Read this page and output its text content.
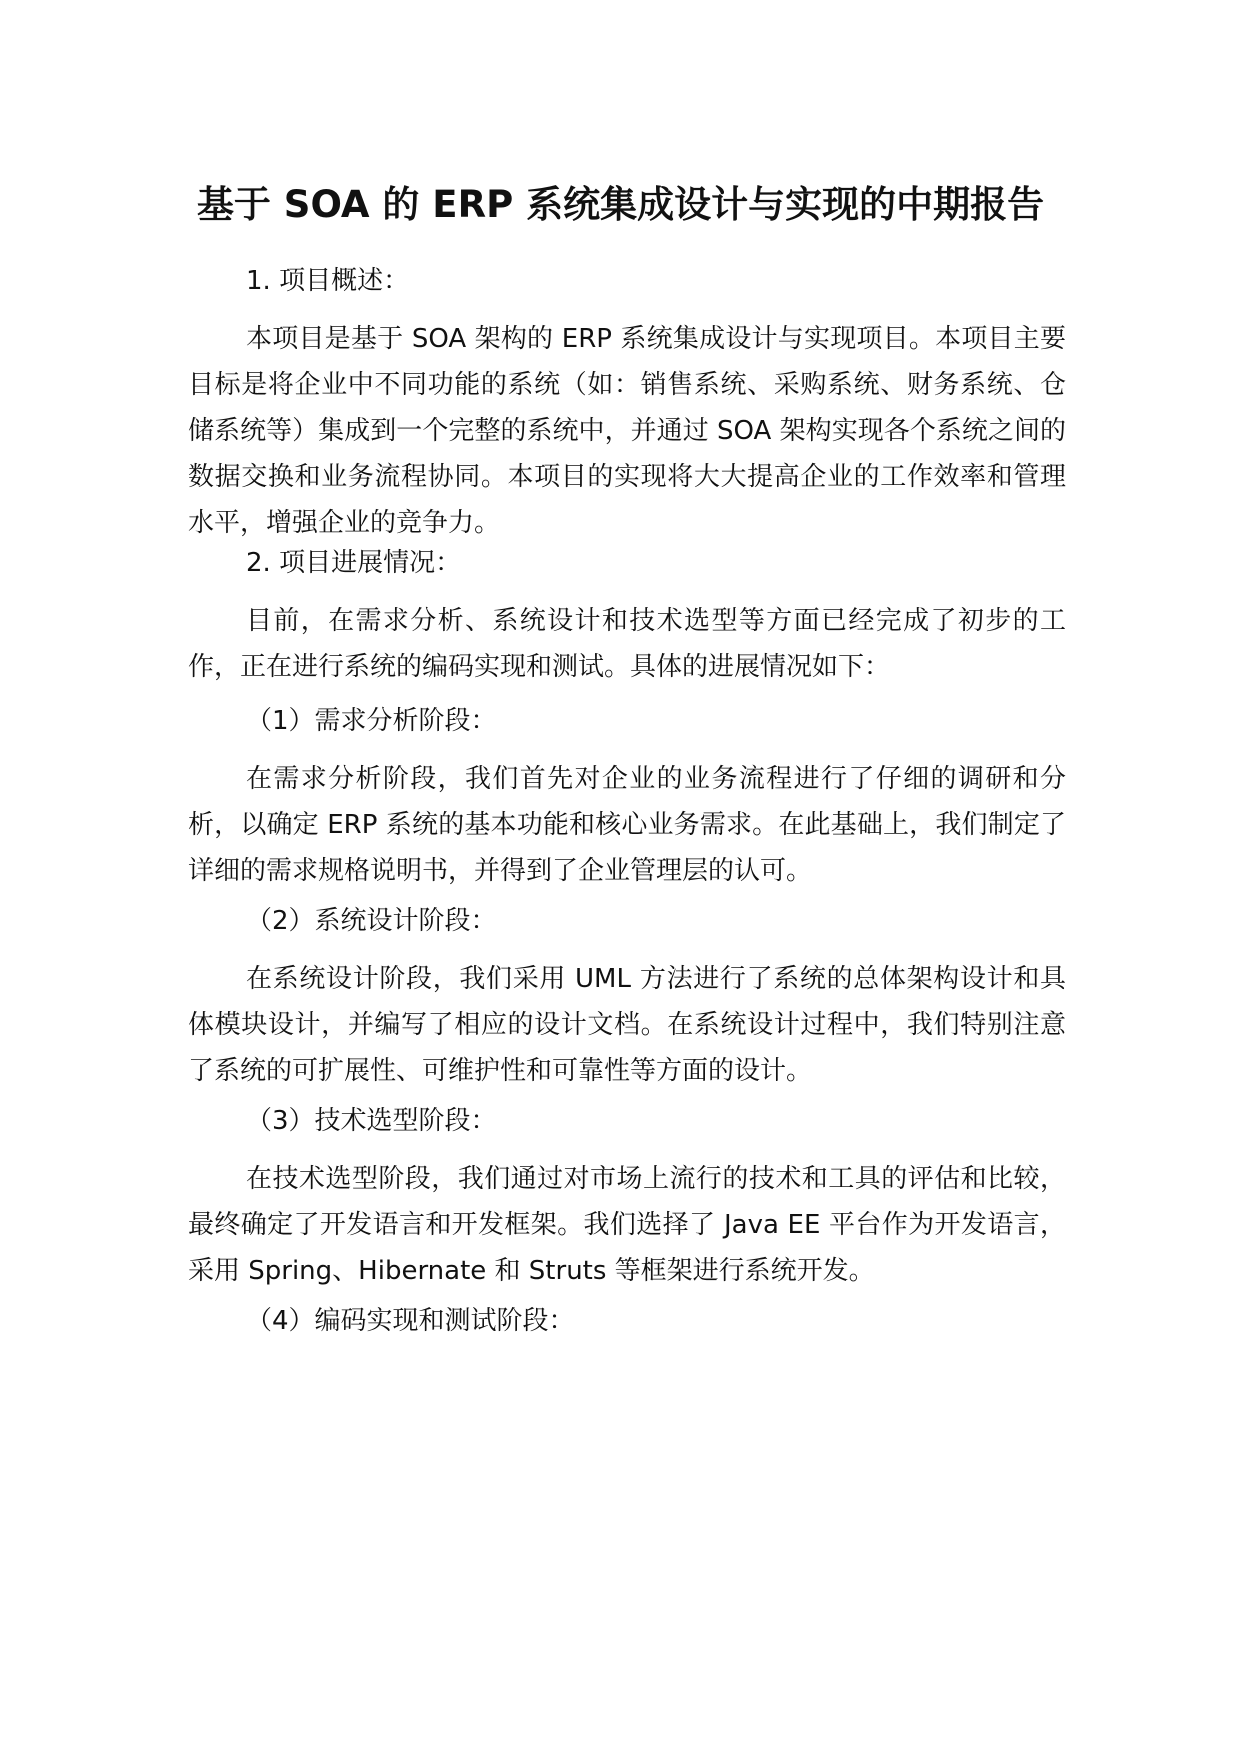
基于 SOA 的 ERP 系统集成设计与实现的中期报告

1. 项目概述：

本项目是基于 SOA 架构的 ERP 系统集成设计与实现项目。本项目主要目标是将企业中不同功能的系统（如：销售系统、采购系统、财务系统、仓储系统等）集成到一个完整的系统中，并通过 SOA 架构实现各个系统之间的数据交换和业务流程协同。本项目的实现将大大提高企业的工作效率和管理水平，增强企业的竞争力。

2. 项目进展情况：

目前，在需求分析、系统设计和技术选型等方面已经完成了初步的工作，正在进行系统的编码实现和测试。具体的进展情况如下：

（1）需求分析阶段：

在需求分析阶段，我们首先对企业的业务流程进行了仔细的调研和分析，以确定 ERP 系统的基本功能和核心业务需求。在此基础上，我们制定了详细的需求规格说明书，并得到了企业管理层的认可。

（2）系统设计阶段：

在系统设计阶段，我们采用 UML 方法进行了系统的总体架构设计和具体模块设计，并编写了相应的设计文档。在系统设计过程中，我们特别注意了系统的可扩展性、可维护性和可靠性等方面的设计。

（3）技术选型阶段：

在技术选型阶段，我们通过对市场上流行的技术和工具的评估和比较，最终确定了开发语言和开发框架。我们选择了 Java EE 平台作为开发语言，采用 Spring、Hibernate 和 Struts 等框架进行系统开发。

（4）编码实现和测试阶段：
